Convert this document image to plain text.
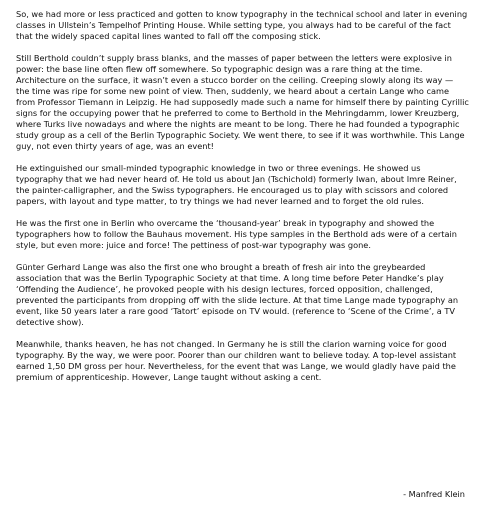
So, we had more or less practiced and gotten to know typography in the technical school and later in evening classes in Ullstein’s Tempelhof Printing House. While setting type, you always had to be careful of the fact that the widely spaced capital lines wanted to fall off the composing stick.

Still Berthold couldn’t supply brass blanks, and the masses of paper between the letters were explosive in power: the base line often flew off somewhere. So typographic design was a rare thing at the time. Architecture on the surface, it wasn’t even a stucco border on the ceiling. Creeping slowly along its way — the time was ripe for some new point of view. Then, suddenly, we heard about a certain Lange who came from Professor Tiemann in Leipzig. He had supposedly made such a name for himself there by painting Cyrillic signs for the occupying power that he preferred to come to Berthold in the Mehringdamm, lower Kreuzberg, where Turks live nowadays and where the nights are meant to be long. There he had founded a typographic study group as a cell of the Berlin Typographic Society. We went there, to see if it was worthwhile. This Lange guy, not even thirty years of age, was an event!

He extinguished our small-minded typographic knowledge in two or three evenings. He showed us typography that we had never heard of. He told us about Jan (Tschichold) formerly Iwan, about Imre Reiner, the painter-calligrapher, and the Swiss typographers. He encouraged us to play with scissors and colored papers, with layout and type matter, to try things we had never learned and to forget the old rules.

He was the first one in Berlin who overcame the ‘thousand-year’ break in typography and showed the typographers how to follow the Bauhaus movement. His type samples in the Berthold ads were of a certain style, but even more: juice and force! The pettiness of post-war typography was gone.

Günter Gerhard Lange was also the first one who brought a breath of fresh air into the greybearded association that was the Berlin Typographic Society at that time. A long time before Peter Handke’s play ‘Offending the Audience’, he provoked people with his design lectures, forced opposition, challenged, prevented the participants from dropping off with the slide lecture. At that time Lange made typography an event, like 50 years later a rare good ‘Tatort’ episode on TV would. (reference to ‘Scene of the Crime’, a TV detective show).

Meanwhile, thanks heaven, he has not changed. In Germany he is still the clarion warning voice for good typography. By the way, we were poor. Poorer than our children want to believe today. A top-level assistant earned 1,50 DM gross per hour. Nevertheless, for the event that was Lange, we would gladly have paid the premium of apprenticeship. However, Lange taught without asking a cent.

- Manfred Klein
